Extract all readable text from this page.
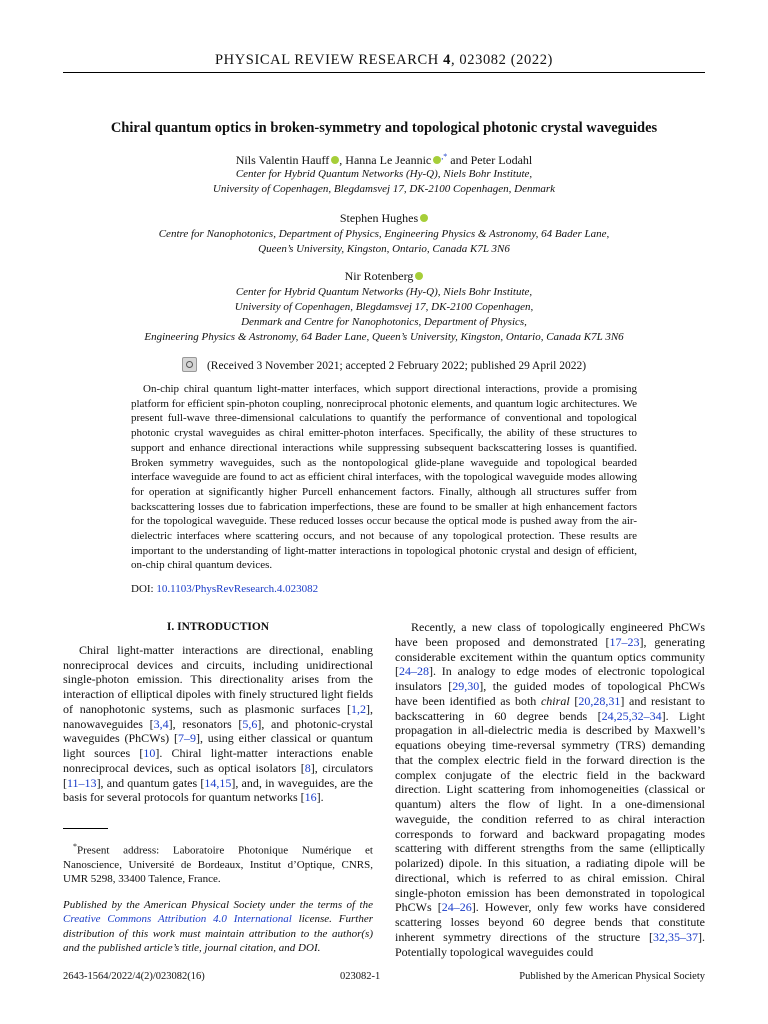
PHYSICAL REVIEW RESEARCH 4, 023082 (2022)
Chiral quantum optics in broken-symmetry and topological photonic crystal waveguides
Nils Valentin Hauff , Hanna Le Jeannic ,* and Peter Lodahl
Center for Hybrid Quantum Networks (Hy-Q), Niels Bohr Institute,
University of Copenhagen, Blegdamsvej 17, DK-2100 Copenhagen, Denmark
Stephen Hughes
Centre for Nanophotonics, Department of Physics, Engineering Physics & Astronomy, 64 Bader Lane,
Queen’s University, Kingston, Ontario, Canada K7L 3N6
Nir Rotenberg
Center for Hybrid Quantum Networks (Hy-Q), Niels Bohr Institute,
University of Copenhagen, Blegdamsvej 17, DK-2100 Copenhagen,
Denmark and Centre for Nanophotonics, Department of Physics,
Engineering Physics & Astronomy, 64 Bader Lane, Queen’s University, Kingston, Ontario, Canada K7L 3N6
(Received 3 November 2021; accepted 2 February 2022; published 29 April 2022)
On-chip chiral quantum light-matter interfaces, which support directional interactions, provide a promising platform for efficient spin-photon coupling, nonreciprocal photonic elements, and quantum logic architectures. We present full-wave three-dimensional calculations to quantify the performance of conventional and topological photonic crystal waveguides as chiral emitter-photon interfaces. Specifically, the ability of these structures to support and enhance directional interactions while suppressing subsequent backscattering losses is quantified. Broken symmetry waveguides, such as the nontopological glide-plane waveguide and topological bearded interface waveguide are found to act as efficient chiral interfaces, with the topological waveguide modes allowing for operation at significantly higher Purcell enhancement factors. Finally, although all structures suffer from backscattering losses due to fabrication imperfections, these are found to be smaller at high enhancement factors for the topological waveguide. These reduced losses occur because the optical mode is pushed away from the air-dielectric interfaces where scattering occurs, and not because of any topological protection. These results are important to the understanding of light-matter interactions in topological photonic crystal and design of efficient, on-chip chiral quantum devices.
DOI: 10.1103/PhysRevResearch.4.023082
I. INTRODUCTION

Chiral light-matter interactions are directional, enabling nonreciprocal devices and circuits, including unidirectional single-photon emission. This directionality arises from the interaction of elliptical dipoles with finely structured light fields of nanophotonic systems, such as plasmonic surfaces [1,2], nanowaveguides [3,4], resonators [5,6], and photonic-crystal waveguides (PhCWs) [7–9], using either classical or quantum light sources [10]. Chiral light-matter interactions enable nonreciprocal devices, such as optical isolators [8], circulators [11–13], and quantum gates [14,15], and, in waveguides, are the basis for several protocols for quantum networks [16].

*Present address: Laboratoire Photonique Numérique et Nanoscience, Université de Bordeaux, Institut d’Optique, CNRS, UMR 5298, 33400 Talence, France.
Published by the American Physical Society under the terms of the Creative Commons Attribution 4.0 International license. Further distribution of this work must maintain attribution to the author(s) and the published article’s title, journal citation, and DOI.

Recently, a new class of topologically engineered PhCWs have been proposed and demonstrated [17–23], generating considerable excitement within the quantum optics community [24–28]. In analogy to edge modes of electronic topological insulators [29,30], the guided modes of topological PhCWs have been identified as both chiral [20,28,31] and resistant to backscattering in 60 degree bends [24,25,32–34]. Light propagation in all-dielectric media is described by Maxwell’s equations obeying time-reversal symmetry (TRS) demanding that the complex electric field in the forward direction is the complex conjugate of the electric field in the backward direction. Light scattering from inhomogeneities (classical or quantum) alters the flow of light. In a one-dimensional waveguide, the condition referred to as chiral interaction corresponds to forward and backward propagating modes scattering with different strengths from the same (elliptically polarized) dipole. In this situation, a radiating dipole will be directional, which is referred to as chiral emission. Chiral single-photon emission has been demonstrated in topological PhCWs [24–26]. However, only few works have considered scattering losses beyond 60 degree bends that constitute inherent symmetry directions of the structure [32,35–37]. Potentially topological waveguides could

2643-1564/2022/4(2)/023082(16)	023082-1	Published by the American Physical Society
